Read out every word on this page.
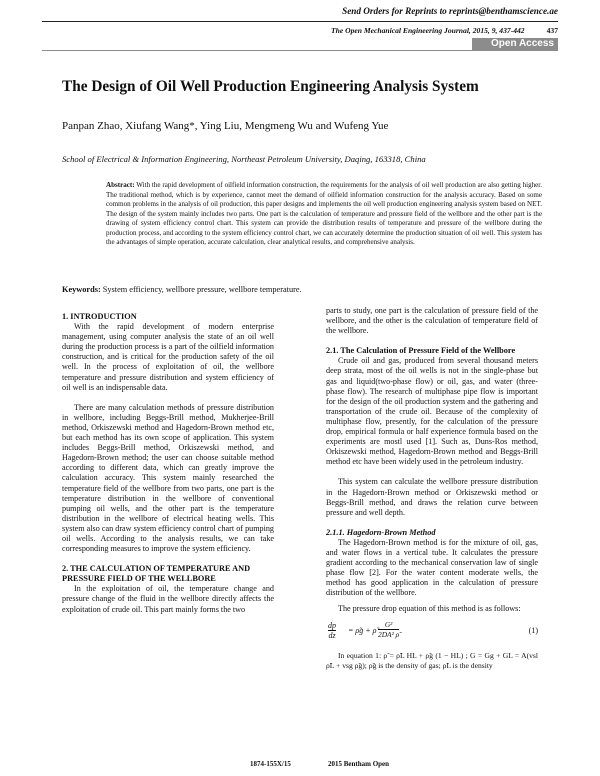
Send Orders for Reprints to reprints@benthamscience.ae
The Open Mechanical Engineering Journal, 2015, 9, 437-442	437
Open Access
The Design of Oil Well Production Engineering Analysis System
Panpan Zhao, Xiufang Wang*, Ying Liu, Mengmeng Wu and Wufeng Yue
School of Electrical & Information Engineering, Northeast Petroleum University, Daqing, 163318, China
Abstract: With the rapid development of oilfield information construction, the requirements for the analysis of oil well production are also getting higher. The traditional method, which is by experience, cannot meet the demand of oilfield information construction for the analysis accuracy. Based on some common problems in the analysis of oil production, this paper designs and implements the oil well production engineering analysis system based on NET. The design of the system mainly includes two parts. One part is the calculation of temperature and pressure field of the wellbore and the other part is the drawing of system efficiency control chart. This system can provide the distribution results of temperature and pressure of the wellbore during the production process, and according to the system efficiency control chart, we can accurately determine the production situation of oil well. This system has the advantages of simple operation, accurate calculation, clear analytical results, and comprehensive analysis.
Keywords: System efficiency, wellbore pressure, wellbore temperature.

1. INTRODUCTION

With the rapid development of modern enterprise management, using computer analysis the state of an oil well during the production process is a part of the oilfield information construction, and is critical for the production safety of the oil well. In the process of exploitation of oil, the wellbore temperature and pressure distribution and system efficiency of oil well is an indispensable data.

There are many calculation methods of pressure distribution in wellbore, including Beggs-Brill method, Mukherjee-Brill method, Orkiszewski method and Hagedorn-Brown method etc, but each method has its own scope of application. This system includes Beggs-Brill method, Orkiszewski method, and Hagedorn-Brown method; the user can choose suitable method according to different data, which can greatly improve the calculation accuracy. This system mainly researched the temperature field of the wellbore from two parts, one part is the temperature distribution in the wellbore of conventional pumping oil wells, and the other part is the temperature distribution in the wellbore of electrical heating wells. This system also can draw system efficiency control chart of pumping oil wells. According to the analysis results, we can take corresponding measures to improve the system efficiency.

2. THE CALCULATION OF TEMPERATURE AND PRESSURE FIELD OF THE WELLBORE

In the exploitation of oil, the temperature change and pressure change of the fluid in the wellbore directly affects the exploitation of crude oil. This part mainly forms the two

parts to study, one part is the calculation of pressure field of the wellbore, and the other is the calculation of temperature field of the wellbore.

2.1. The Calculation of Pressure Field of the Wellbore

Crude oil and gas, produced from several thousand meters deep strata, most of the oil wells is not in the single-phase but gas and liquid(two-phase flow) or oil, gas, and water (three-phase flow). The research of multiphase pipe flow is important for the design of the oil production system and the gathering and transportation of the crude oil. Because of the complexity of multiphase flow, presently, for the calculation of the pressure drop, empirical formula or half experience formula based on the experiments are mostl used [1]. Such as, Duns-Ros method, Orkiszewski method, Hagedorn-Brown method and Beggs-Brill method etc have been widely used in the petroleum industry.

This system can calculate the wellbore pressure distribution in the Hagedorn-Brown method or Orkiszewski method or Beggs-Brill method, and draws the relation curve between pressure and well depth.

2.1.1. Hagedorn-Brown Method

The Hagedorn-Brown method is for the mixture of oil, gas, and water flows in a vertical tube. It calculates the pressure gradient according to the mechanical conservation law of single phase flow [2]. For the water content moderate wells, the method has good application in the calculation of pressure distribution of the wellbore.

The pressure drop equation of this method is as follows:

dp
dz
= ρ̃g + ρ̃ $\frac{\text{G²}}{\text{2DA² ρ̃}}$	(1)

In equation 1: ρ̃ = ρ̃L HL + ρ̃g (1 − HL) ; G = Gg + GL = A(vsl ρ̃L + vsg ρ̃g); ρ̃g is the density of gas; ρ̃L is the density

1874-155X/15	2015 Bentham Open
